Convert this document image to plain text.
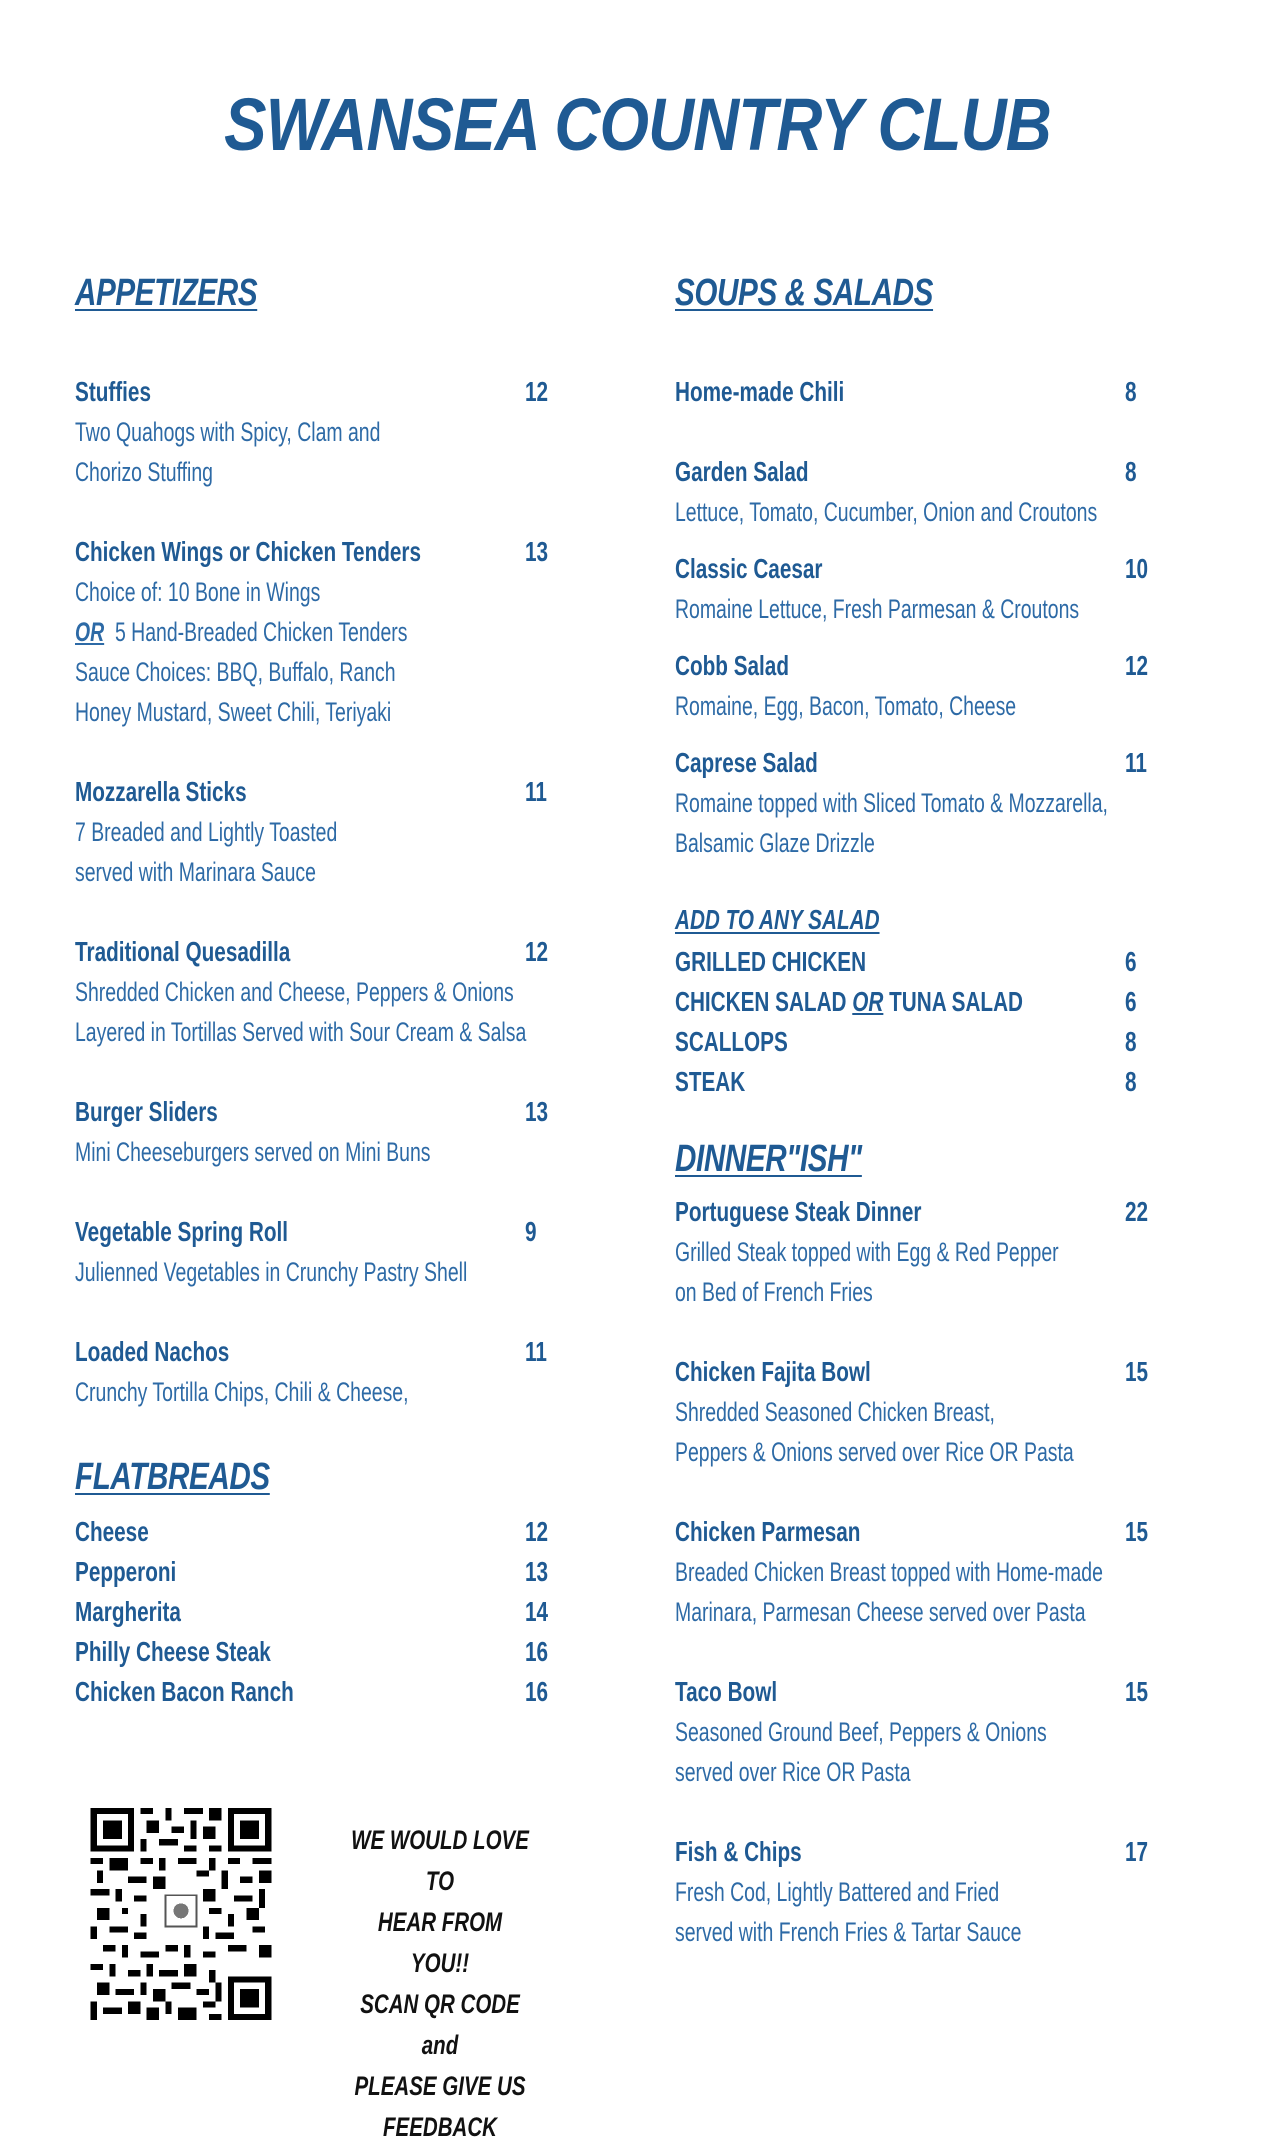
SWANSEA COUNTRY CLUB
APPETIZERS
Stuffies	12
Two Quahogs with Spicy, Clam and
Chorizo Stuffing
Chicken Wings or Chicken Tenders	13
Choice of: 10 Bone in Wings
OR 5 Hand-Breaded Chicken Tenders
Sauce Choices: BBQ, Buffalo, Ranch
Honey Mustard, Sweet Chili, Teriyaki
Mozzarella Sticks	11
7 Breaded and Lightly Toasted
served with Marinara Sauce
Traditional Quesadilla	12
Shredded Chicken and Cheese, Peppers & Onions
Layered in Tortillas Served with Sour Cream & Salsa
Burger Sliders	13
Mini Cheeseburgers served on Mini Buns
Vegetable Spring Roll	9
Julienned Vegetables in Crunchy Pastry Shell
Loaded Nachos	11
Crunchy Tortilla Chips, Chili & Cheese,
FLATBREADS
Cheese	12
Pepperoni	13
Margherita	14
Philly Cheese Steak	16
Chicken Bacon Ranch	16
WE WOULD LOVE TO
HEAR FROM YOU!!
SCAN QR CODE and
PLEASE GIVE US
FEEDBACK
SOUPS & SALADS
Home-made Chili	8
Garden Salad	8
Lettuce, Tomato, Cucumber, Onion and Croutons
Classic Caesar	10
Romaine Lettuce, Fresh Parmesan & Croutons
Cobb Salad	12
Romaine, Egg, Bacon, Tomato, Cheese
Caprese Salad	11
Romaine topped with Sliced Tomato & Mozzarella,
Balsamic Glaze Drizzle
ADD TO ANY SALAD
GRILLED CHICKEN	6
CHICKEN SALAD OR TUNA SALAD	6
SCALLOPS	8
STEAK	8
DINNER"ISH"
Portuguese Steak Dinner	22
Grilled Steak topped with Egg & Red Pepper
on Bed of French Fries
Chicken Fajita Bowl	15
Shredded Seasoned Chicken Breast,
Peppers & Onions served over Rice OR Pasta
Chicken Parmesan	15
Breaded Chicken Breast topped with Home-made
Marinara, Parmesan Cheese served over Pasta
Taco Bowl	15
Seasoned Ground Beef, Peppers & Onions
served over Rice OR Pasta
Fish & Chips	17
Fresh Cod, Lightly Battered and Fried
served with French Fries & Tartar Sauce
